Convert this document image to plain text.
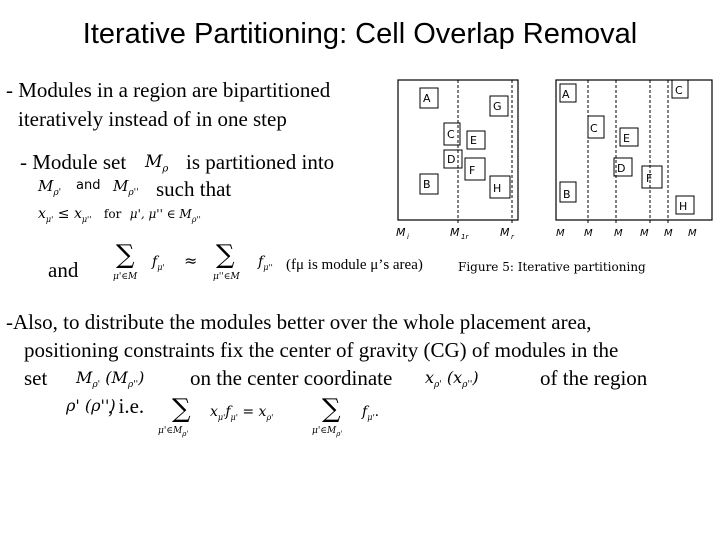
Iterative Partitioning: Cell Overlap Removal
- Modules in a region are bipartitioned
iteratively instead of in one step
- Module set $M_\rho$ is partitioned into
$M_{\rho'}$ and $M_{\rho''}$ such that
$x_{\mu'} \le x_{\mu''}$ for μ', μ'' ∈ $M_{\rho''}$
and ∑
μ'∈M
$f_{\mu'}$ ≈ ∑
μ''∈M
$f_{\mu''}$ (fμ is module μ’s area)
A
G
C E
D
F
B	H
M i	M 1r	M r
A	C
C
E
D
F
B
H
M M M M M M
Figure 5: Iterative partitioning
-Also, to distribute the modules better over the whole placement area,
positioning constraints fix the center of gravity (CG) of modules in the
set $M_{\rho'}$ $(M_{\rho''})$ on the center coordinate $x_{\rho'}$ $(x_{\rho''})$	of the region
ρ' (ρ'')
, i.e. ∑
$\mu'\in M_{\rho'}$
$x_{\mu'}f_{\mu'} = x_{\rho'}$ ∑
$\mu'\in M_{\rho'}$
$f_{\mu'}$.
